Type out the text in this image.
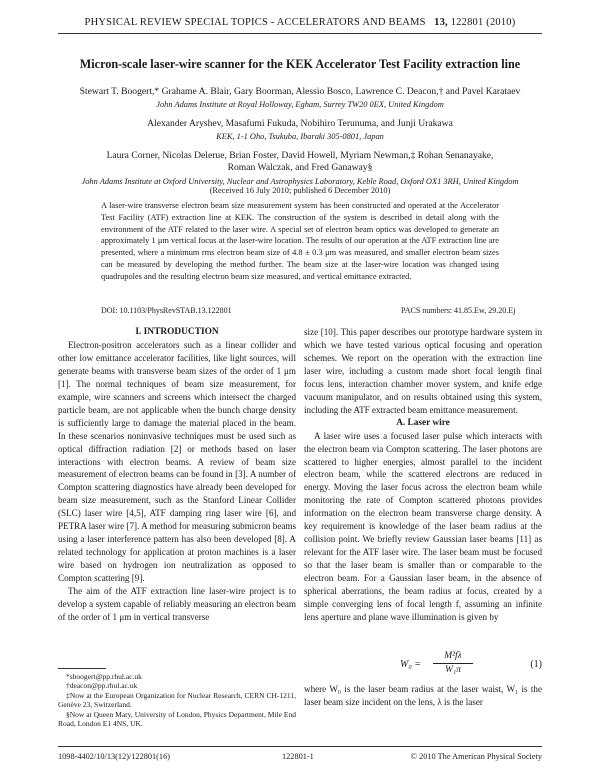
PHYSICAL REVIEW SPECIAL TOPICS - ACCELERATORS AND BEAMS 13, 122801 (2010)
Micron-scale laser-wire scanner for the KEK Accelerator Test Facility extraction line
Stewart T. Boogert,* Grahame A. Blair, Gary Boorman, Alessio Bosco, Lawrence C. Deacon,† and Pavel Karataev
John Adams Institute at Royal Holloway, Egham, Surrey TW20 0EX, United Kingdom
Alexander Aryshev, Masafumi Fukuda, Nobihiro Terunuma, and Junji Urakawa
KEK, 1-1 Oho, Tsukuba, Ibaraki 305-0801, Japan
Laura Corner, Nicolas Delerue, Brian Foster, David Howell, Myriam Newman,‡ Rohan Senanayake,
Roman Walczak, and Fred Ganaway§
John Adams Institute at Oxford University, Nuclear and Astrophysics Laboratory, Keble Road, Oxford OX1 3RH, United Kingdom
(Received 16 July 2010; published 6 December 2010)
A laser-wire transverse electron beam size measurement system has been constructed and operated at the Accelerator Test Facility (ATF) extraction line at KEK. The construction of the system is described in detail along with the environment of the ATF related to the laser wire. A special set of electron beam optics was developed to generate an approximately 1 μm vertical focus at the laser-wire location. The results of our operation at the ATF extraction line are presented, where a minimum rms electron beam size of 4.8 ± 0.3 μm was measured, and smaller electron beam sizes can be measured by developing the method further. The beam size at the laser-wire location was changed using quadrupoles and the resulting electron beam size measured, and vertical emittance extracted.
DOI: 10.1103/PhysRevSTAB.13.122801	PACS numbers: 41.85.Ew, 29.20.Ej

I. INTRODUCTION

Electron-positron accelerators such as a linear collider and other low emittance accelerator facilities, like light sources, will generate beams with transverse beam sizes of the order of 1 μm [1]. The normal techniques of beam size measurement, for example, wire scanners and screens which intersect the charged particle beam, are not applicable when the bunch charge density is sufficiently large to damage the material placed in the beam. In these scenarios noninvasive techniques must be used such as optical diffraction radiation [2] or methods based on laser interactions with electron beams. A review of beam size measurement of electron beams can be found in [3]. A number of Compton scattering diagnostics have already been developed for beam size measurement, such as the Stanford Linear Collider (SLC) laser wire [4,5], ATF damping ring laser wire [6], and PETRA laser wire [7]. A method for measuring submicron beams using a laser interference pattern has also been developed [8]. A related technology for application at proton machines is a laser wire based on hydrogen ion neutralization as opposed to Compton scattering [9].

The aim of the ATF extraction line laser-wire project is to develop a system capable of reliably measuring an electron beam of the order of 1 μm in vertical transverse

*sboogert@pp.rhul.ac.uk
†deacon@pp.rhul.ac.uk
‡Now at the European Organization for Nuclear Research, CERN CH-1211, Genève 23, Switzerland.
§Now at Queen Mary, University of London, Physics Department, Mile End Road, London E1 4NS, UK.

size [10]. This paper describes our prototype hardware system in which we have tested various optical focusing and operation schemes. We report on the operation with the extraction line laser wire, including a custom made short focal length final focus lens, interaction chamber mover system, and knife edge vacuum manipulator, and on results obtained using this system, including the ATF extracted beam emittance measurement.

A. Laser wire

A laser wire uses a focused laser pulse which interacts with the electron beam via Compton scattering. The laser photons are scattered to higher energies, almost parallel to the incident electron beam, while the scattered electrons are reduced in energy. Moving the laser focus across the electron beam while monitoring the rate of Compton scattered photons provides information on the electron beam transverse charge density. A key requirement is knowledge of the laser beam radius at the collision point. We briefly review Gaussian laser beams [11] as relevant for the ATF laser wire. The laser beam must be focused so that the laser beam is smaller than or comparable to the electron beam. For a Gaussian laser beam, in the absence of spherical aberrations, the beam radius at focus, created by a simple converging lens of focal length f, assuming an infinite lens aperture and plane wave illumination is given by

$W_0 = \frac{\text{M²fλ}}{\text{W₁π}}$	(1)

where W₀ is the laser beam radius at the laser waist, W₁ is the laser beam size incident on the lens, λ is the laser

1098-4402/10/13(12)/122801(16)	122801-1	© 2010 The American Physical Society
